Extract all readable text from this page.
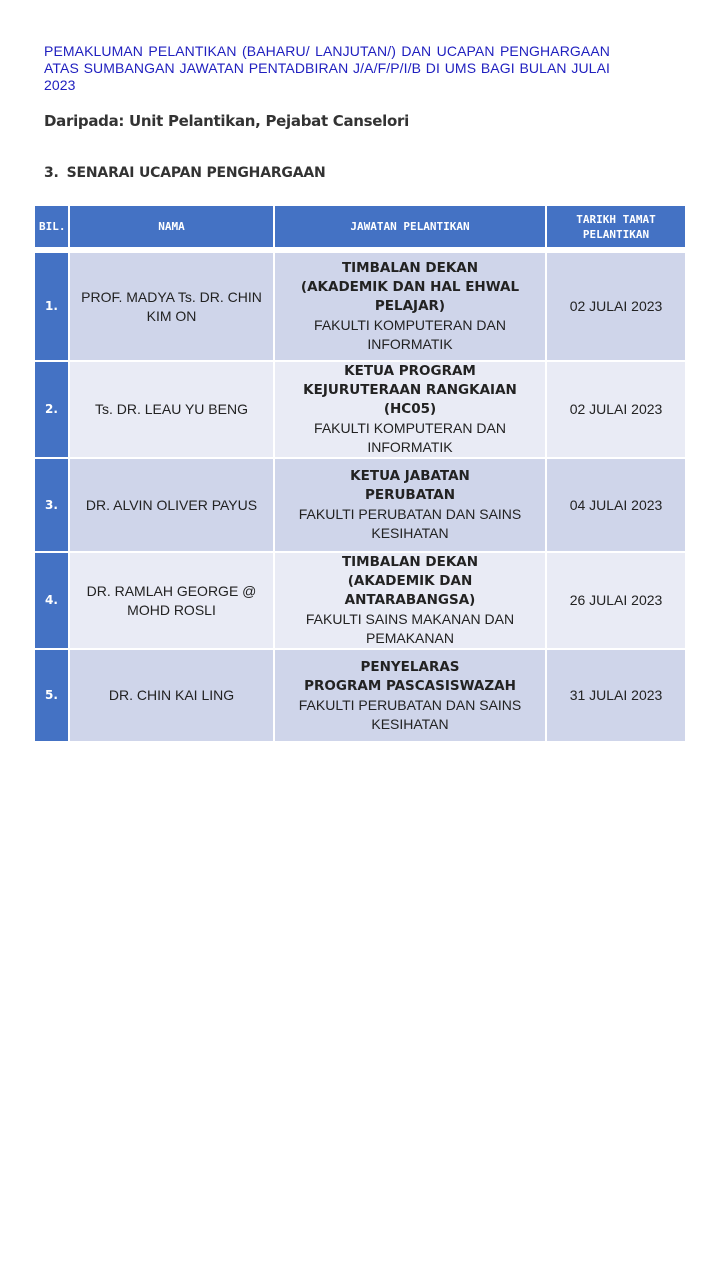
PEMAKLUMAN PELANTIKAN (BAHARU/ LANJUTAN/) DAN UCAPAN PENGHARGAAN ATAS SUMBANGAN JAWATAN PENTADBIRAN J/A/F/P/I/B DI UMS BAGI BULAN JULAI 2023
Daripada: Unit Pelantikan, Pejabat Canselori
3. SENARAI UCAPAN PENGHARGAAN
BIL.	NAMA	JAWATAN PELANTIKAN	TARIKH TAMAT PELANTIKAN

1.	PROF. MADYA Ts. DR. CHIN KIM ON	TIMBALAN DEKAN
(AKADEMIK DAN HAL EHWAL PELAJAR)
FAKULTI KOMPUTERAN DAN INFORMATIK	02 JULAI 2023
2.	Ts. DR. LEAU YU BENG	KETUA PROGRAM
KEJURUTERAAN RANGKAIAN (HC05)
FAKULTI KOMPUTERAN DAN INFORMATIK	02 JULAI 2023
3.	DR. ALVIN OLIVER PAYUS	KETUA JABATAN
PERUBATAN
FAKULTI PERUBATAN DAN SAINS KESIHATAN	04 JULAI 2023
4.	DR. RAMLAH GEORGE @ MOHD ROSLI	TIMBALAN DEKAN
(AKADEMIK DAN ANTARABANGSA)
FAKULTI SAINS MAKANAN DAN PEMAKANAN	26 JULAI 2023
5.	DR. CHIN KAI LING	PENYELARAS
PROGRAM PASCASISWAZAH
FAKULTI PERUBATAN DAN SAINS KESIHATAN	31 JULAI 2023
